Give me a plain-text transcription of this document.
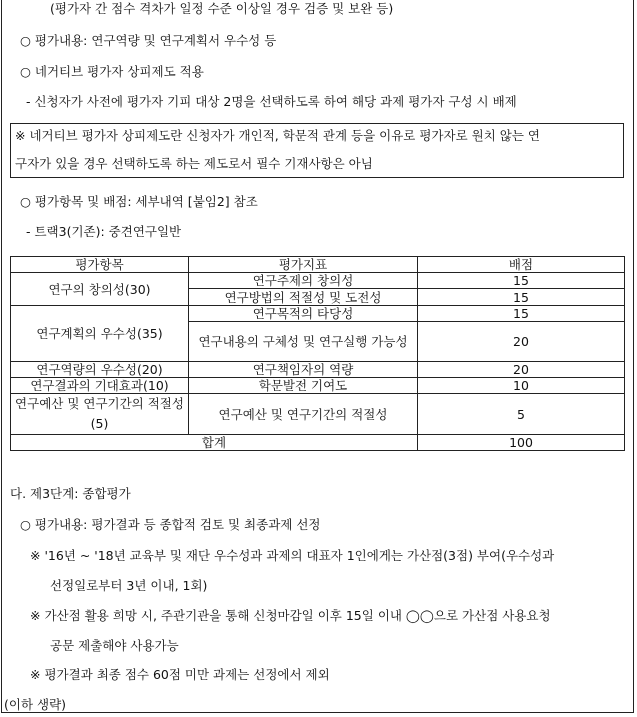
(평가자 간 점수 격차가 일정 수준 이상일 경우 검증 및 보완 등)
○ 평가내용: 연구역량 및 연구계획서 우수성 등
○ 네거티브 평가자 상피제도 적용
- 신청자가 사전에 평가자 기피 대상 2명을 선택하도록 하여 해당 과제 평가자 구성 시 배제
※ 네거티브 평가자 상피제도란 신청자가 개인적, 학문적 관계 등을 이유로 평가자로 원치 않는 연
구자가 있을 경우 선택하도록 하는 제도로서 필수 기재사항은 아님
○ 평가항목 및 배점: 세부내역 [붙임2] 참조
- 트랙3(기존): 중견연구일반
평가항목	평가지표	배점
연구의 창의성(30)	연구주제의 창의성	15
	연구방법의 적절성 및 도전성	15
연구계획의 우수성(35)	연구목적의 타당성	15
	연구내용의 구체성 및 연구실행 가능성	20
연구역량의 우수성(20)	연구책임자의 역량	20
연구결과의 기대효과(10)	학문발전 기여도	10
연구예산 및 연구기간의 적절성(5)	연구예산 및 연구기간의 적절성	5
합계		100
다. 제3단계: 종합평가
○ 평가내용: 평가결과 등 종합적 검토 및 최종과제 선정
※ '16년 ~ '18년 교육부 및 재단 우수성과 과제의 대표자 1인에게는 가산점(3점) 부여(우수성과
선정일로부터 3년 이내, 1회)
※ 가산점 활용 희망 시, 주관기관을 통해 신청마감일 이후 15일 이내 ◯◯으로 가산점 사용요청
공문 제출해야 사용가능
※ 평가결과 최종 점수 60점 미만 과제는 선정에서 제외
(이하 생략)
